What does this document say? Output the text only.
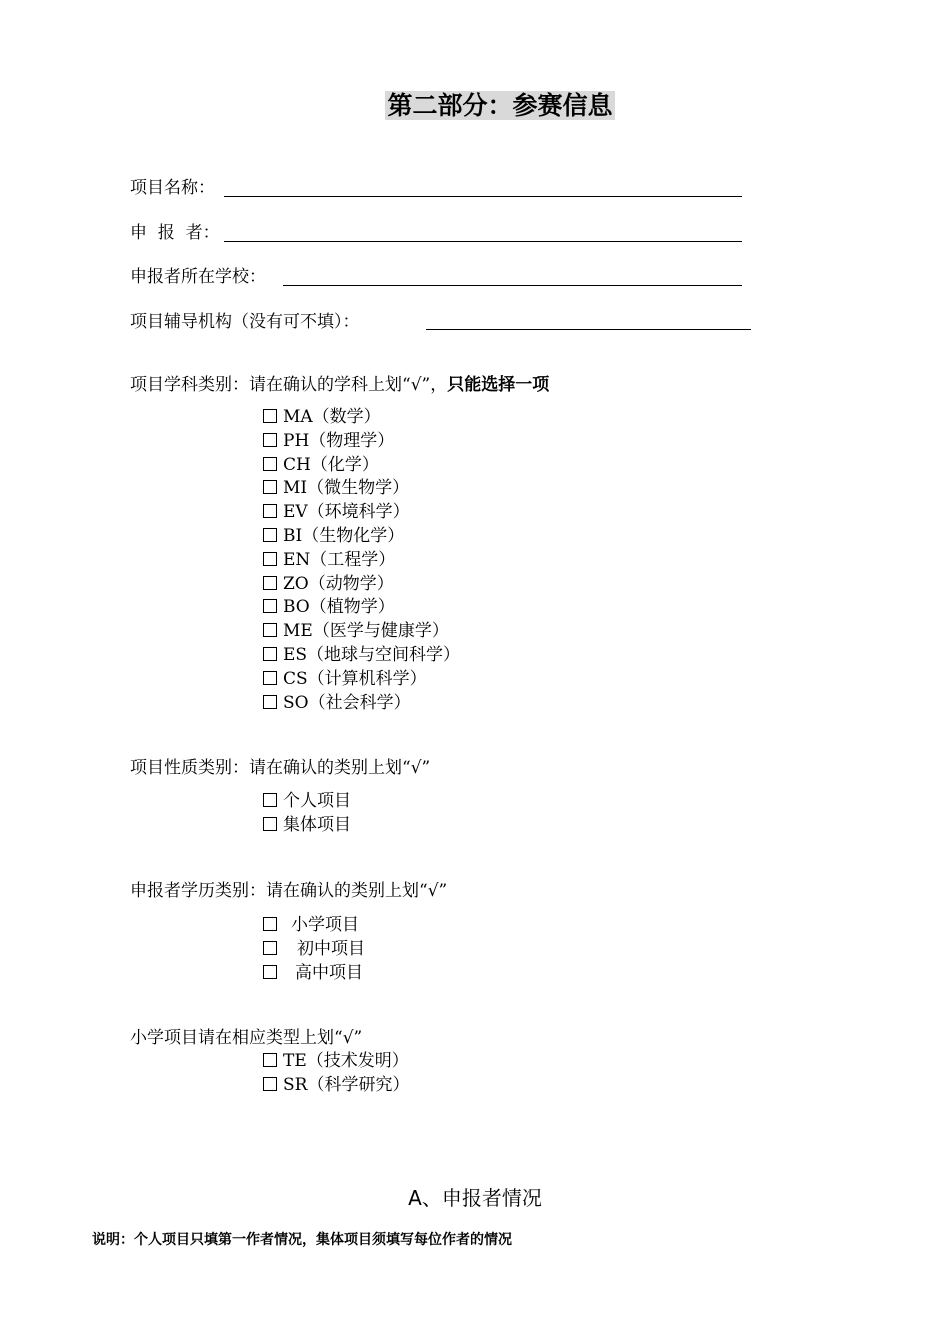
第二部分：参赛信息
项目名称：
申  报  者：
申报者所在学校：
项目辅导机构（没有可不填）：
项目学科类别：请在确认的学科上划“√”，只能选择一项
MA（数学）
PH（物理学）
CH（化学）
MI（微生物学）
EV（环境科学）
BI（生物化学）
EN（工程学）
ZO（动物学）
BO（植物学）
ME（医学与健康学）
ES（地球与空间科学）
CS（计算机科学）
SO（社会科学）
项目性质类别：请在确认的类别上划“√”
个人项目
集体项目
申报者学历类别：请在确认的类别上划“√”
小学项目
初中项目
高中项目
小学项目请在相应类型上划“√”
TE（技术发明）
SR（科学研究）
A、申报者情况
说明：个人项目只填第一作者情况，集体项目须填写每位作者的情况
